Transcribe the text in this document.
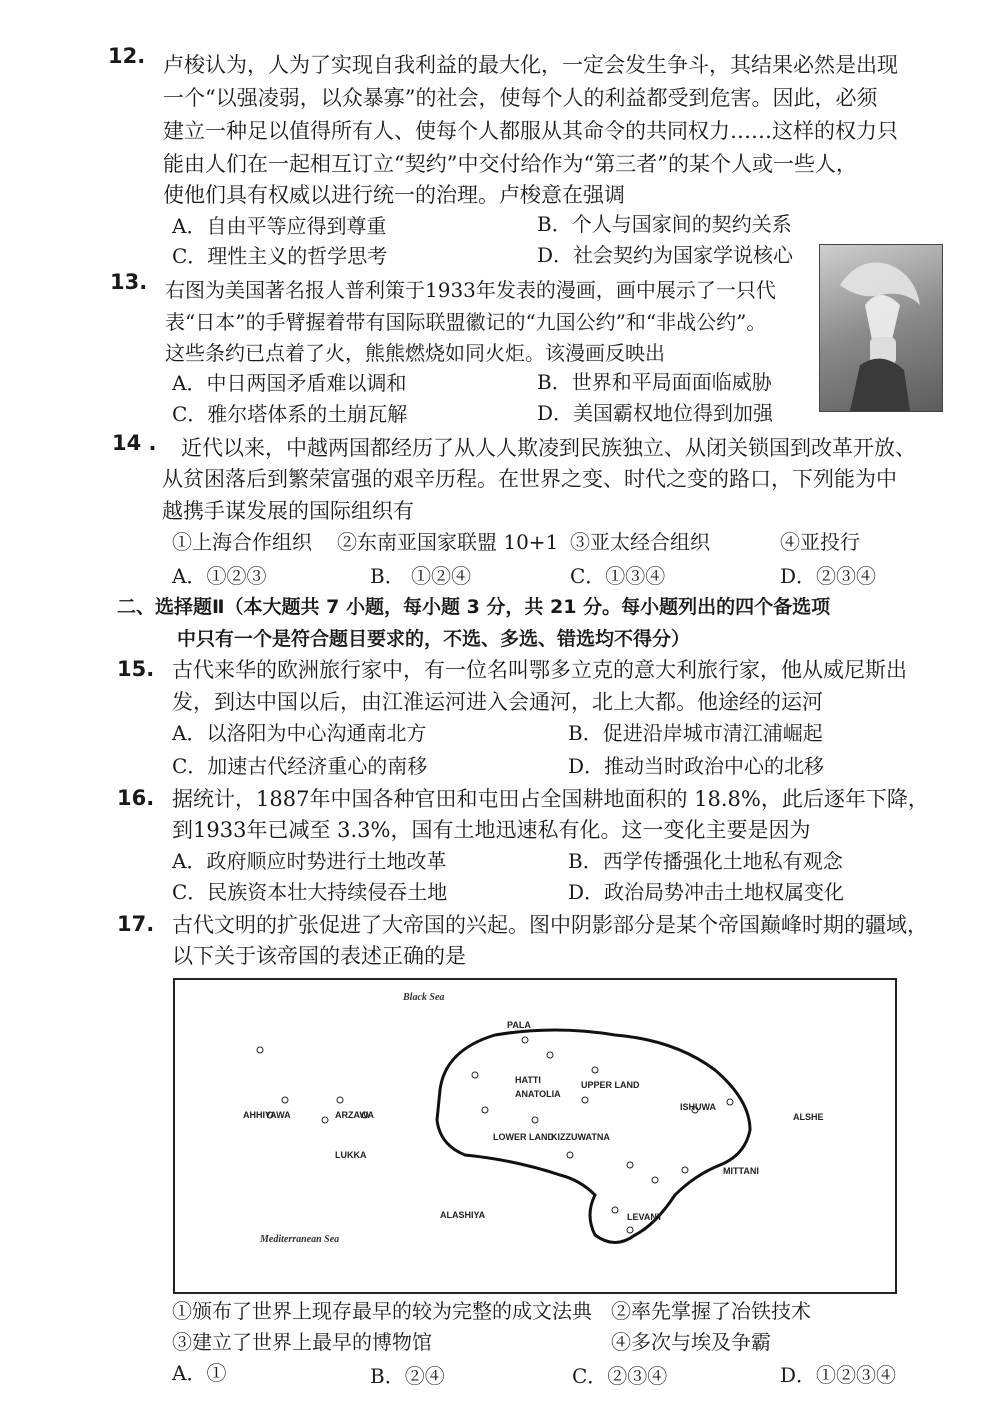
12. 卢梭认为，人为了实现自我利益的最大化，一定会发生争斗，其结果必然是出现
一个“以强凌弱，以众暴寡”的社会，使每个人的利益都受到危害。因此，必须
建立一种足以值得所有人、使每个人都服从其命令的共同权力……这样的权力只
能由人们在一起相互订立“契约”中交付给作为“第三者”的某个人或一些人，
使他们具有权威以进行统一的治理。卢梭意在强调
A．自由平等应得到尊重	B．个人与国家间的契约关系
C．理性主义的哲学思考	D．社会契约为国家学说核心
13. 右图为美国著名报人普利策于1933年发表的漫画，画中展示了一只代
表“日本”的手臂握着带有国际联盟徽记的“九国公约”和“非战公约”。
这些条约已点着了火，熊熊燃烧如同火炬。该漫画反映出
A．中日两国矛盾难以调和	B．世界和平局面面临威胁
C．雅尔塔体系的土崩瓦解	D．美国霸权地位得到加强
14 . 近代以来，中越两国都经历了从人人欺凌到民族独立、从闭关锁国到改革开放、
从贫困落后到繁荣富强的艰辛历程。在世界之变、时代之变的路口，下列能为中
越携手谋发展的国际组织有
①上海合作组织 ②东南亚国家联盟 10+1 ③亚太经合组织	④亚投行
A．①②③	B． ①②④	C．①③④	D．②③④
二、选择题Ⅱ（本大题共 7 小题，每小题 3 分，共 21 分。每小题列出的四个备选项
中只有一个是符合题目要求的，不选、多选、错选均不得分）
15. 古代来华的欧洲旅行家中，有一位名叫鄂多立克的意大利旅行家，他从威尼斯出
发，到达中国以后，由江淮运河进入会通河，北上大都。他途经的运河
A．以洛阳为中心沟通南北方	B．促进沿岸城市清江浦崛起
C．加速古代经济重心的南移	D．推动当时政治中心的北移
16. 据统计，1887年中国各种官田和屯田占全国耕地面积的 18.8%，此后逐年下降，
到1933年已减至 3.3%，国有土地迅速私有化。这一变化主要是因为
A．政府顺应时势进行土地改革	B．西学传播强化土地私有观念
C．民族资本壮大持续侵吞土地	D．政治局势冲击土地权属变化
17. 古代文明的扩张促进了大帝国的兴起。图中阴影部分是某个帝国巅峰时期的疆域，
以下关于该帝国的表述正确的是
Black Sea
Mediterranean Sea
PALA
HATTI	UPPER LAND
ANATOLIA
AHHIYAWA	ARZAWA
LUKKA
LOWER LAND
KIZZUWATNA
ISHUWA
ALSHE
MITTANI
ALASHIYA	LEVANT
①颁布了世界上现存最早的较为完整的成文法典 ②率先掌握了冶铁技术
③建立了世界上最早的博物馆	④多次与埃及争霸
A．①	B．②④	C．②③④	D．①②③④
